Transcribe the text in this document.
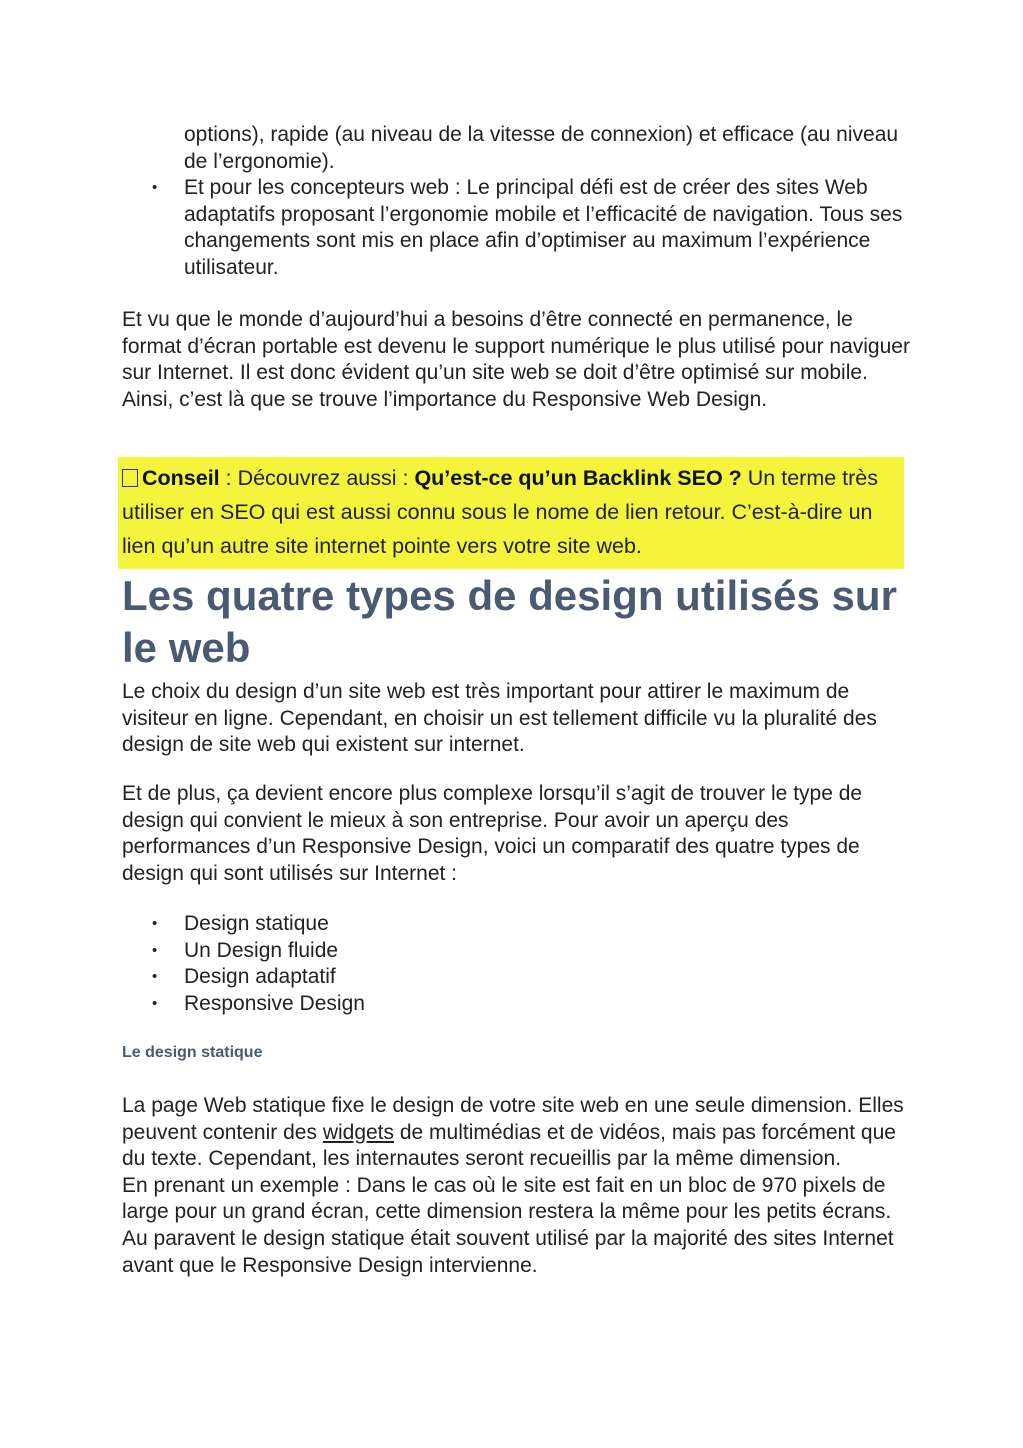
options), rapide (au niveau de la vitesse de connexion) et efficace (au niveau de l’ergonomie).
• Et pour les concepteurs web : Le principal défi est de créer des sites Web adaptatifs proposant l’ergonomie mobile et l’efficacité de navigation. Tous ses changements sont mis en place afin d’optimiser au maximum l’expérience utilisateur.

Et vu que le monde d’aujourd’hui a besoins d’être connecté en permanence, le format d’écran portable est devenu le support numérique le plus utilisé pour naviguer sur Internet. Il est donc évident qu’un site web se doit d’être optimisé sur mobile. Ainsi, c’est là que se trouve l’importance du Responsive Web Design.

Conseil : Découvrez aussi : Qu’est-ce qu’un Backlink SEO ? Un terme très utiliser en SEO qui est aussi connu sous le nome de lien retour. C’est-à-dire un lien qu’un autre site internet pointe vers votre site web.

Les quatre types de design utilisés sur le web

Le choix du design d’un site web est très important pour attirer le maximum de visiteur en ligne. Cependant, en choisir un est tellement difficile vu la pluralité des design de site web qui existent sur internet.

Et de plus, ça devient encore plus complexe lorsqu’il s’agit de trouver le type de design qui convient le mieux à son entreprise. Pour avoir un aperçu des performances d’un Responsive Design, voici un comparatif des quatre types de design qui sont utilisés sur Internet :

• Design statique
• Un Design fluide
• Design adaptatif
• Responsive Design
Le design statique
La page Web statique fixe le design de votre site web en une seule dimension. Elles peuvent contenir des widgets de multimédias et de vidéos, mais pas forcément que du texte. Cependant, les internautes seront recueillis par la même dimension.
En prenant un exemple : Dans le cas où le site est fait en un bloc de 970 pixels de large pour un grand écran, cette dimension restera la même pour les petits écrans. Au paravent le design statique était souvent utilisé par la majorité des sites Internet avant que le Responsive Design intervienne.
